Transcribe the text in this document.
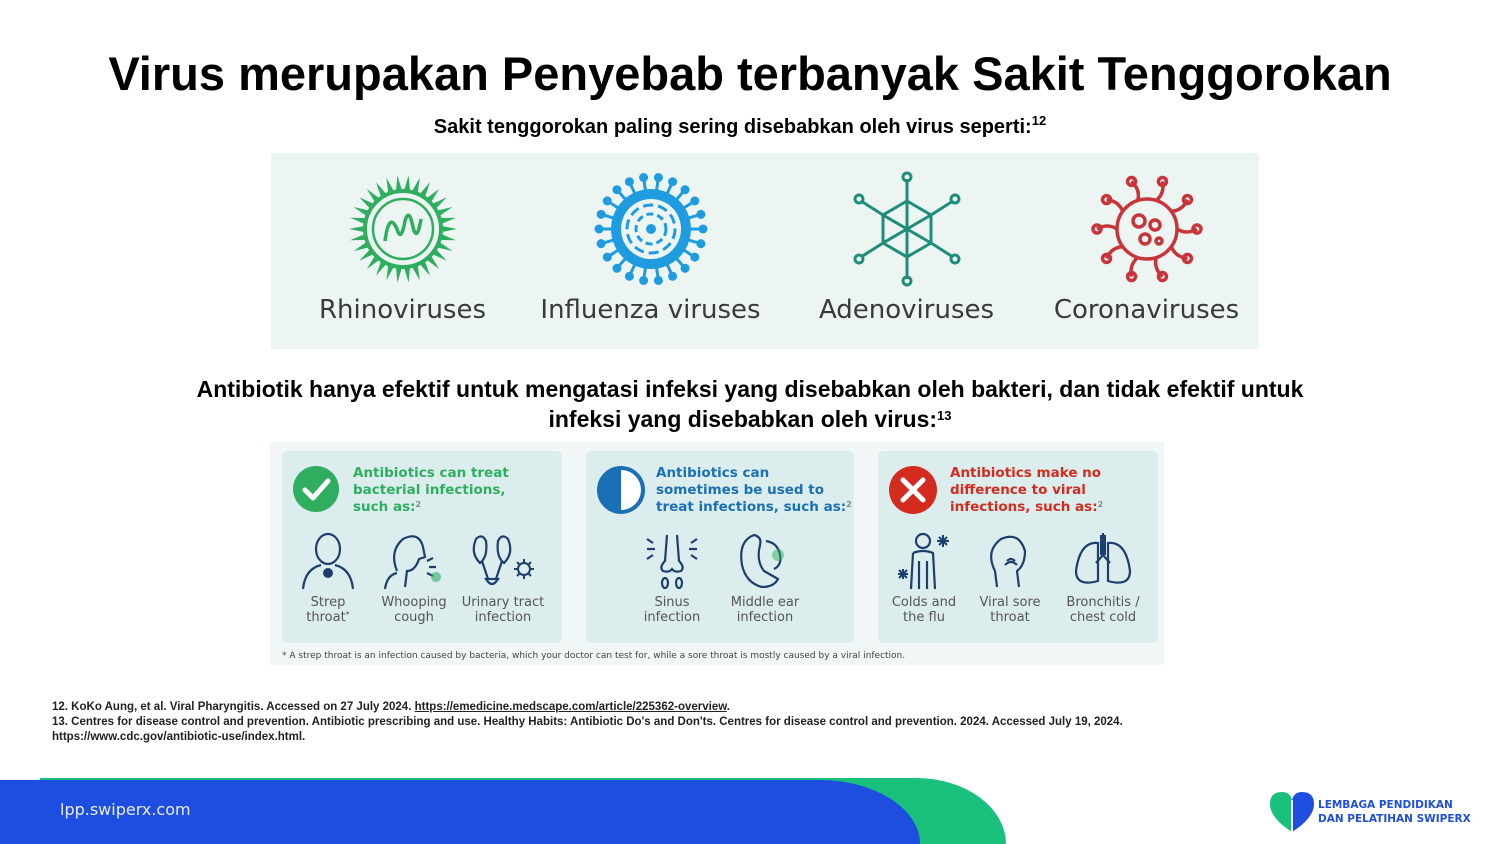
Virus merupakan Penyebab terbanyak Sakit Tenggorokan
Sakit tenggorokan paling sering disebabkan oleh virus seperti:$^{12}$
Rhinoviruses	Influenza viruses	Adenoviruses	Coronaviruses
Antibiotik hanya efektif untuk mengatasi infeksi yang disebabkan oleh bakteri, dan tidak efektif untuk
infeksi yang disebabkan oleh virus:$^{13}$
Antibiotics can treat
bacterial infections,
such as:$^2$
Strep
throat*
Whooping
cough
Urinary tract
infection
Antibiotics can
sometimes be used to
treat infections, such as:$^2$
Sinus
infection
Middle ear
infection
Antibiotics make no
difference to viral
infections, such as:$^2$
Colds and
the flu
Viral sore
throat
Bronchitis /
chest cold
* A strep throat is an infection caused by bacteria, which your doctor can test for, while a sore throat is mostly caused by a viral infection.
12. KoKo Aung, et al. Viral Pharyngitis. Accessed on 27 July 2024. https://emedicine.medscape.com/article/225362-overview.
13. Centres for disease control and prevention. Antibiotic prescribing and use. Healthy Habits: Antibiotic Do's and Don'ts. Centres for disease control and prevention. 2024. Accessed July 19, 2024.
https://www.cdc.gov/antibiotic-use/index.html.
lpp.swiperx.com	LEMBAGA PENDIDIKAN
DAN PELATIHAN SWIPERX
